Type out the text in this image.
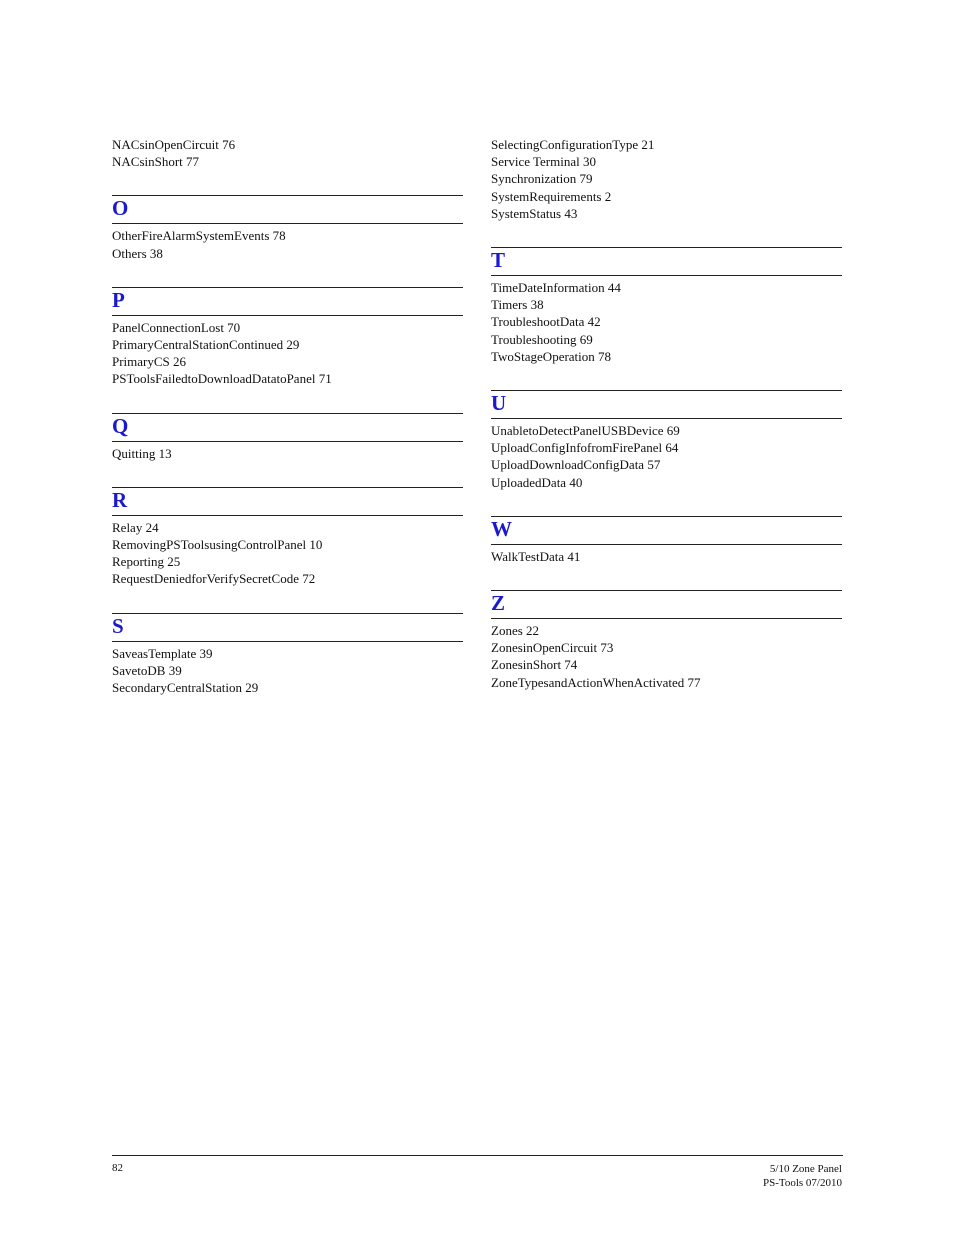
NACsinOpenCircuit 76
NACsinShort 77
O
OtherFireAlarmSystemEvents 78
Others 38
P
PanelConnectionLost 70
PrimaryCentralStationContinued 29
PrimaryCS 26
PSToolsFailedtoDownloadDatatoPanel 71
Q
Quitting 13
R
Relay 24
RemovingPSToolsusingControlPanel 10
Reporting 25
RequestDeniedforVerifySecretCode 72
S
SaveasTemplate 39
SavetoDB 39
SecondaryCentralStation 29
SelectingConfigurationType 21
Service Terminal 30
Synchronization 79
SystemRequirements 2
SystemStatus 43
T
TimeDateInformation 44
Timers 38
TroubleshootData 42
Troubleshooting 69
TwoStageOperation 78
U
UnabletoDetectPanelUSBDevice 69
UploadConfigInfofromFirePanel 64
UploadDownloadConfigData 57
UploadedData 40
W
WalkTestData 41
Z
Zones 22
ZonesinOpenCircuit 73
ZonesinShort 74
ZoneTypesandActionWhenActivated 77
82	5/10 Zone Panel
PS-Tools 07/2010
